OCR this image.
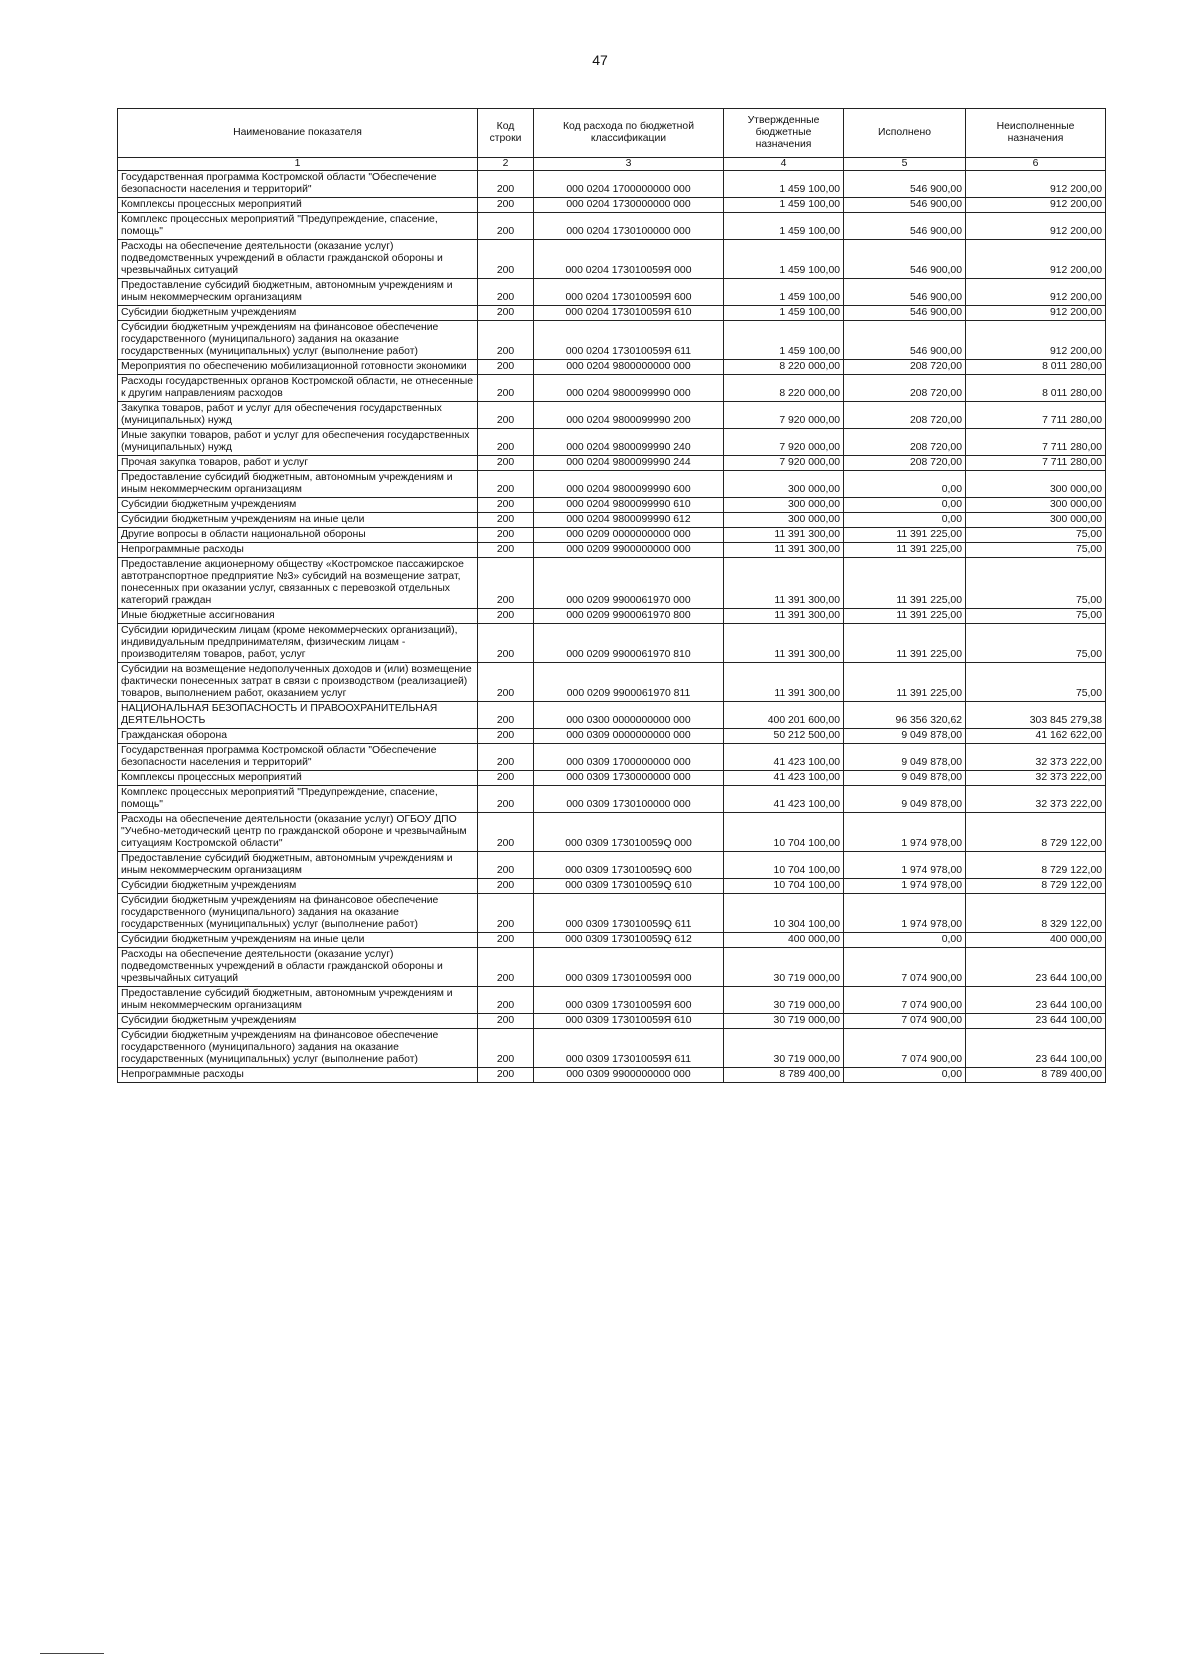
47
Наименование показателя	Код строки	Код расхода по бюджетной классификации	Утвержденные бюджетные назначения	Исполнено	Неисполненные назначения
1	2	3	4	5	6
Государственная программа Костромской области "Обеспечение безопасности населения и территорий"	200	000 0204 1700000000 000	1 459 100,00	546 900,00	912 200,00
Комплексы процессных мероприятий	200	000 0204 1730000000 000	1 459 100,00	546 900,00	912 200,00
Комплекс процессных мероприятий "Предупреждение, спасение, помощь"	200	000 0204 1730100000 000	1 459 100,00	546 900,00	912 200,00
Расходы на обеспечение деятельности (оказание услуг) подведомственных учреждений в области гражданской обороны и чрезвычайных ситуаций	200	000 0204 173010059Я 000	1 459 100,00	546 900,00	912 200,00
Предоставление субсидий бюджетным, автономным учреждениям и иным некоммерческим организациям	200	000 0204 173010059Я 600	1 459 100,00	546 900,00	912 200,00
Субсидии бюджетным учреждениям	200	000 0204 173010059Я 610	1 459 100,00	546 900,00	912 200,00
Субсидии бюджетным учреждениям на финансовое обеспечение государственного (муниципального) задания на оказание государственных (муниципальных) услуг (выполнение работ)	200	000 0204 173010059Я 611	1 459 100,00	546 900,00	912 200,00
Мероприятия по обеспечению мобилизационной готовности экономики	200	000 0204 9800000000 000	8 220 000,00	208 720,00	8 011 280,00
Расходы государственных органов Костромской области, не отнесенные к другим направлениям расходов	200	000 0204 9800099990 000	8 220 000,00	208 720,00	8 011 280,00
Закупка товаров, работ и услуг для обеспечения государственных (муниципальных) нужд	200	000 0204 9800099990 200	7 920 000,00	208 720,00	7 711 280,00
Иные закупки товаров, работ и услуг для обеспечения государственных (муниципальных) нужд	200	000 0204 9800099990 240	7 920 000,00	208 720,00	7 711 280,00
Прочая закупка товаров, работ и услуг	200	000 0204 9800099990 244	7 920 000,00	208 720,00	7 711 280,00
Предоставление субсидий бюджетным, автономным учреждениям и иным некоммерческим организациям	200	000 0204 9800099990 600	300 000,00	0,00	300 000,00
Субсидии бюджетным учреждениям	200	000 0204 9800099990 610	300 000,00	0,00	300 000,00
Субсидии бюджетным учреждениям на иные цели	200	000 0204 9800099990 612	300 000,00	0,00	300 000,00
Другие вопросы в области национальной обороны	200	000 0209 0000000000 000	11 391 300,00	11 391 225,00	75,00
Непрограммные расходы	200	000 0209 9900000000 000	11 391 300,00	11 391 225,00	75,00
Предоставление акционерному обществу «Костромское пассажирское автотранспортное предприятие №3» субсидий на возмещение затрат, понесенных при оказании услуг, связанных с перевозкой отдельных категорий граждан	200	000 0209 9900061970 000	11 391 300,00	11 391 225,00	75,00
Иные бюджетные ассигнования	200	000 0209 9900061970 800	11 391 300,00	11 391 225,00	75,00
Субсидии юридическим лицам (кроме некоммерческих организаций), индивидуальным предпринимателям, физическим лицам - производителям товаров, работ, услуг	200	000 0209 9900061970 810	11 391 300,00	11 391 225,00	75,00
Субсидии на возмещение недополученных доходов и (или) возмещение фактически понесенных затрат в связи с производством (реализацией) товаров, выполнением работ, оказанием услуг	200	000 0209 9900061970 811	11 391 300,00	11 391 225,00	75,00
НАЦИОНАЛЬНАЯ БЕЗОПАСНОСТЬ И ПРАВООХРАНИТЕЛЬНАЯ ДЕЯТЕЛЬНОСТЬ	200	000 0300 0000000000 000	400 201 600,00	96 356 320,62	303 845 279,38
Гражданская оборона	200	000 0309 0000000000 000	50 212 500,00	9 049 878,00	41 162 622,00
Государственная программа Костромской области "Обеспечение безопасности населения и территорий"	200	000 0309 1700000000 000	41 423 100,00	9 049 878,00	32 373 222,00
Комплексы процессных мероприятий	200	000 0309 1730000000 000	41 423 100,00	9 049 878,00	32 373 222,00
Комплекс процессных мероприятий "Предупреждение, спасение, помощь"	200	000 0309 1730100000 000	41 423 100,00	9 049 878,00	32 373 222,00
Расходы на обеспечение деятельности (оказание услуг) ОГБОУ ДПО "Учебно-методический центр по гражданской обороне и чрезвычайным ситуациям Костромской области"	200	000 0309 173010059Q 000	10 704 100,00	1 974 978,00	8 729 122,00
Предоставление субсидий бюджетным, автономным учреждениям и иным некоммерческим организациям	200	000 0309 173010059Q 600	10 704 100,00	1 974 978,00	8 729 122,00
Субсидии бюджетным учреждениям	200	000 0309 173010059Q 610	10 704 100,00	1 974 978,00	8 729 122,00
Субсидии бюджетным учреждениям на финансовое обеспечение государственного (муниципального) задания на оказание государственных (муниципальных) услуг (выполнение работ)	200	000 0309 173010059Q 611	10 304 100,00	1 974 978,00	8 329 122,00
Субсидии бюджетным учреждениям на иные цели	200	000 0309 173010059Q 612	400 000,00	0,00	400 000,00
Расходы на обеспечение деятельности (оказание услуг) подведомственных учреждений в области гражданской обороны и чрезвычайных ситуаций	200	000 0309 173010059Я 000	30 719 000,00	7 074 900,00	23 644 100,00
Предоставление субсидий бюджетным, автономным учреждениям и иным некоммерческим организациям	200	000 0309 173010059Я 600	30 719 000,00	7 074 900,00	23 644 100,00
Субсидии бюджетным учреждениям	200	000 0309 173010059Я 610	30 719 000,00	7 074 900,00	23 644 100,00
Субсидии бюджетным учреждениям на финансовое обеспечение государственного (муниципального) задания на оказание государственных (муниципальных) услуг (выполнение работ)	200	000 0309 173010059Я 611	30 719 000,00	7 074 900,00	23 644 100,00
Непрограммные расходы	200	000 0309 9900000000 000	8 789 400,00	0,00	8 789 400,00
